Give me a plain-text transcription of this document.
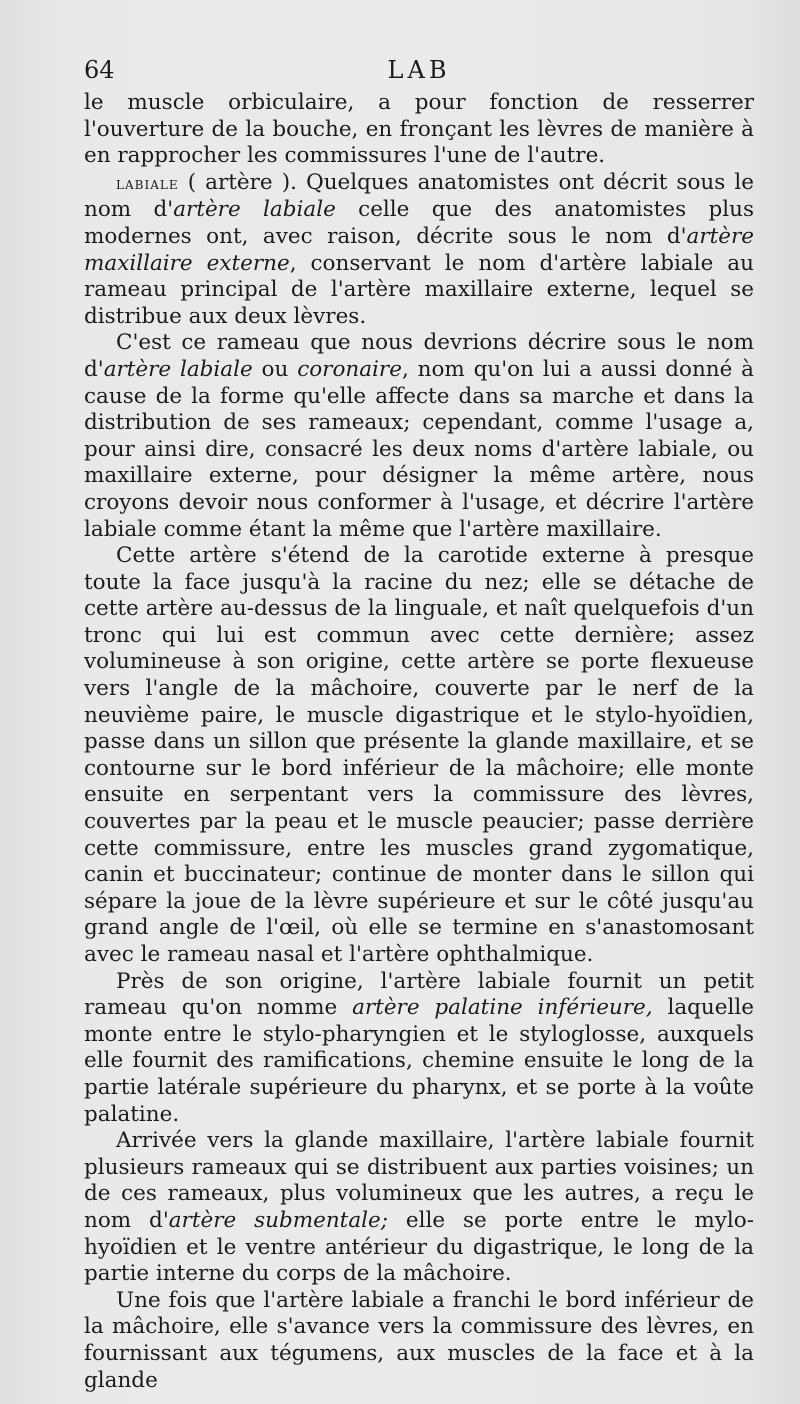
64	LAB

le muscle orbiculaire, a pour fonction de resserrer l'ouverture de la bouche, en fronçant les lèvres de manière à en rapprocher les commissures l'une de l'autre.

labiale ( artère ). Quelques anatomistes ont décrit sous le nom d'artère labiale celle que des anatomistes plus modernes ont, avec raison, décrite sous le nom d'artère maxillaire externe, conservant le nom d'artère labiale au rameau principal de l'artère maxillaire externe, lequel se distribue aux deux lèvres.

C'est ce rameau que nous devrions décrire sous le nom d'artère labiale ou coronaire, nom qu'on lui a aussi donné à cause de la forme qu'elle affecte dans sa marche et dans la distribution de ses rameaux; cependant, comme l'usage a, pour ainsi dire, consacré les deux noms d'artère labiale, ou maxillaire externe, pour désigner la même artère, nous croyons devoir nous conformer à l'usage, et décrire l'artère labiale comme étant la même que l'artère maxillaire.

Cette artère s'étend de la carotide externe à presque toute la face jusqu'à la racine du nez; elle se détache de cette artère au-dessus de la linguale, et naît quelquefois d'un tronc qui lui est commun avec cette dernière; assez volumineuse à son origine, cette artère se porte flexueuse vers l'angle de la mâchoire, couverte par le nerf de la neuvième paire, le muscle digastrique et le stylo-hyoïdien, passe dans un sillon que présente la glande maxillaire, et se contourne sur le bord inférieur de la mâchoire; elle monte ensuite en serpentant vers la commissure des lèvres, couvertes par la peau et le muscle peaucier; passe derrière cette commissure, entre les muscles grand zygomatique, canin et buccinateur; continue de monter dans le sillon qui sépare la joue de la lèvre supérieure et sur le côté jusqu'au grand angle de l'œil, où elle se termine en s'anastomosant avec le rameau nasal et l'artère ophthalmique.

Près de son origine, l'artère labiale fournit un petit rameau qu'on nomme artère palatine inférieure, laquelle monte entre le stylo-pharyngien et le styloglosse, auxquels elle fournit des ramifications, chemine ensuite le long de la partie latérale supérieure du pharynx, et se porte à la voûte palatine.

Arrivée vers la glande maxillaire, l'artère labiale fournit plusieurs rameaux qui se distribuent aux parties voisines; un de ces rameaux, plus volumineux que les autres, a reçu le nom d'artère submentale; elle se porte entre le mylo-hyoïdien et le ventre antérieur du digastrique, le long de la partie interne du corps de la mâchoire.

Une fois que l'artère labiale a franchi le bord inférieur de la mâchoire, elle s'avance vers la commissure des lèvres, en fournissant aux tégumens, aux muscles de la face et à la glande
